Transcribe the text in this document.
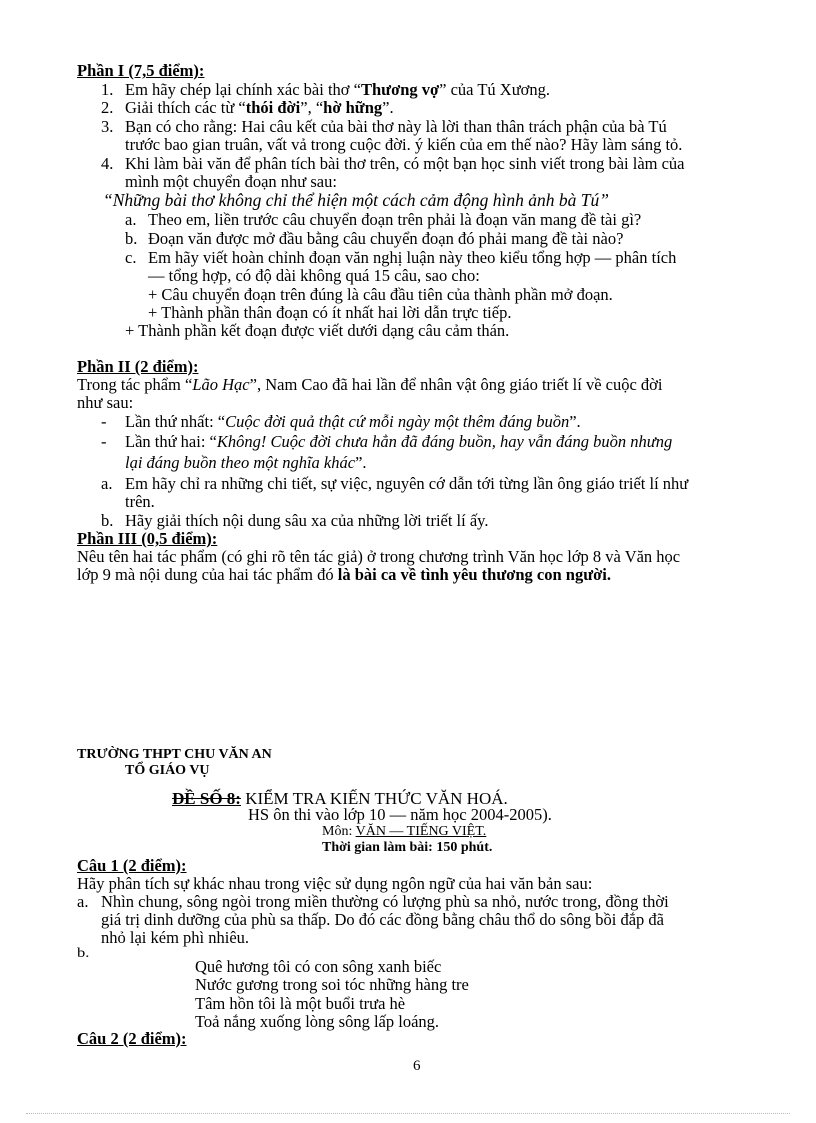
Phần I (7,5 điểm):
1. Em hãy chép lại chính xác bài thơ “Thương vợ” của Tú Xương.
2. Giải thích các từ “thói đời”, “hờ hững”.
3. Bạn có cho rằng: Hai câu kết của bài thơ này là lời than thân trách phận của bà Tú
trước bao gian truân, vất vả trong cuộc đời. ý kiến của em thế nào? Hãy làm sáng tỏ.
4. Khi làm bài văn để phân tích bài thơ trên, có một bạn học sinh viết trong bài làm của
mình một chuyển đoạn như sau:
“Những bài thơ không chỉ thể hiện một cách cảm động hình ảnh bà Tú”
a. Theo em, liền trước câu chuyển đoạn trên phải là đoạn văn mang đề tài gì?
b. Đoạn văn được mở đầu bằng câu chuyển đoạn đó phải mang đề tài nào?
c. Em hãy viết hoàn chỉnh đoạn văn nghị luận này theo kiểu tổng hợp — phân tích
— tổng hợp, có độ dài không quá 15 câu, sao cho:
+ Câu chuyển đoạn trên đúng là câu đầu tiên của thành phần mở đoạn.
+ Thành phần thân đoạn có ít nhất hai lời dẫn trực tiếp.
+ Thành phần kết đoạn được viết dưới dạng câu cảm thán.
Phần II (2 điểm):
Trong tác phẩm “Lão Hạc”, Nam Cao đã hai lần để nhân vật ông giáo triết lí về cuộc đời
như sau:
- Lần thứ nhất: “Cuộc đời quả thật cứ mỗi ngày một thêm đáng buồn”.
- Lần thứ hai: “Không! Cuộc đời chưa hẳn đã đáng buồn, hay vẫn đáng buồn nhưng
lại đáng buồn theo một nghĩa khác”.
a. Em hãy chỉ ra những chi tiết, sự việc, nguyên cớ dẫn tới từng lần ông giáo triết lí như
trên.
b. Hãy giải thích nội dung sâu xa của những lời triết lí ấy.
Phần III (0,5 điểm):
Nêu tên hai tác phẩm (có ghi rõ tên tác giả) ở trong chương trình Văn học lớp 8 và Văn học
lớp 9 mà nội dung của hai tác phẩm đó là bài ca về tình yêu thương con người.
TRƯỜNG THPT CHU VĂN AN
TỔ GIÁO VỤ
ĐỀ SỐ 8: KIỂM TRA KIẾN THỨC VĂN HOÁ.
HS ôn thi vào lớp 10 — năm học 2004-2005).
Môn: VĂN — TIẾNG VIỆT.
Thời gian làm bài: 150 phút.
Câu 1 (2 điểm):
Hãy phân tích sự khác nhau trong việc sử dụng ngôn ngữ của hai văn bản sau:
a. Nhìn chung, sông ngòi trong miền thường có lượng phù sa nhỏ, nước trong, đồng thời
giá trị dinh dưỡng của phù sa thấp. Do đó các đồng bằng châu thổ do sông bồi đắp đã
nhỏ lại kém phì nhiêu.
b.
Quê hương tôi có con sông xanh biếc
Nước gương trong soi tóc những hàng tre
Tâm hồn tôi là một buổi trưa hè
Toả nắng xuống lòng sông lấp loáng.
Câu 2 (2 điểm):
6
